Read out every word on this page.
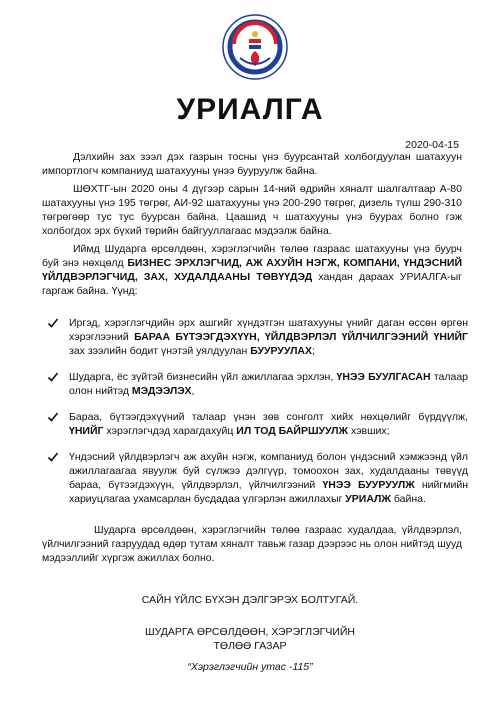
УРИАЛГА
2020-04-15

Дэлхийн зах зээл дэх газрын тосны үнэ буурсантай холбогдуулан шатахуун импортлогч компаниуд шатахууны үнээ бууруулж байна.

ШӨХТГ-ын 2020 оны 4 дүгээр сарын 14-ний өдрийн хяналт шалгалтаар А-80 шатахууны үнэ 195 төгрөг, АИ-92 шатахууны үнэ 200-290 төгрөг, дизель түлш 290-310 төгрөгөөр тус тус буурсан байна. Цаашид ч шатахууны үнэ буурах болно гэж холбогдох эрх бүхий төрийн байгууллагаас мэдээлж байна.

Иймд Шударга өрсөлдөөн, хэрэглэгчийн төлөө газраас шатахууны үнэ буурч буй энэ нөхцөлд БИЗНЕС ЭРХЛЭГЧИД, АЖ АХУЙН НЭГЖ, КОМПАНИ, ҮНДЭСНИЙ ҮЙЛДВЭРЛЭГЧИД, ЗАХ, ХУДАЛДААНЫ ТӨВҮҮДЭД хандан дараах УРИАЛГА-ыг гаргаж байна. Үүнд:

Иргэд, хэрэглэгчдийн эрх ашгийг хүндэтгэн шатахууны үнийг даган өссөн өргөн хэрэглээний БАРАА БҮТЭЭГДЭХҮҮН, ҮЙЛДВЭРЛЭЛ ҮЙЛЧИЛГЭЭНИЙ ҮНИЙГ зах зээлийн бодит үнэтэй уялдуулан БУУРУУЛАХ;
Шударга, ёс зүйтэй бизнесийн үйл ажиллагаа эрхлэн, ҮНЭЭ БУУЛГАСАН талаар олон нийтэд МЭДЭЭЛЭХ,
Бараа, бүтээгдэхүүний талаар үнэн зөв сонголт хийх нөхцөлийг бүрдүүлж, ҮНИЙГ хэрэглэгчдэд харагдахуйц ИЛ ТОД БАЙРШУУЛЖ хэвших;
Үндэсний үйлдвэрлэгч аж ахуйн нэгж, компаниуд болон үндэсний хэмжээнд үйл ажиллагаагаа явуулж буй сүлжээ дэлгүүр, томоохон зах, худалдааны төвүүд бараа, бүтээгдэхүүн, үйлдвэрлэл, үйлчилгээний ҮНЭЭ БУУРУУЛЖ нийгмийн хариуцлагаа ухамсарлан бусдадаа үлгэрлэн ажиллахыг УРИАЛЖ байна.

Шударга өрсөлдөөн, хэрэглэгчийн төлөө газраас худалдаа, үйлдвэрлэл, үйлчилгээний газруудад өдөр тутам хяналт тавьж газар дээрээс нь олон нийтэд шууд мэдээллийг хүргэж ажиллах болно.

САЙН ҮЙЛС БҮХЭН ДЭЛГЭРЭХ БОЛТУГАЙ.
ШУДАРГА ӨРСӨЛДӨӨН, ХЭРЭГЛЭГЧИЙН
ТӨЛӨӨ ГАЗАР
“Хэрэглэгчийн утас -115”
